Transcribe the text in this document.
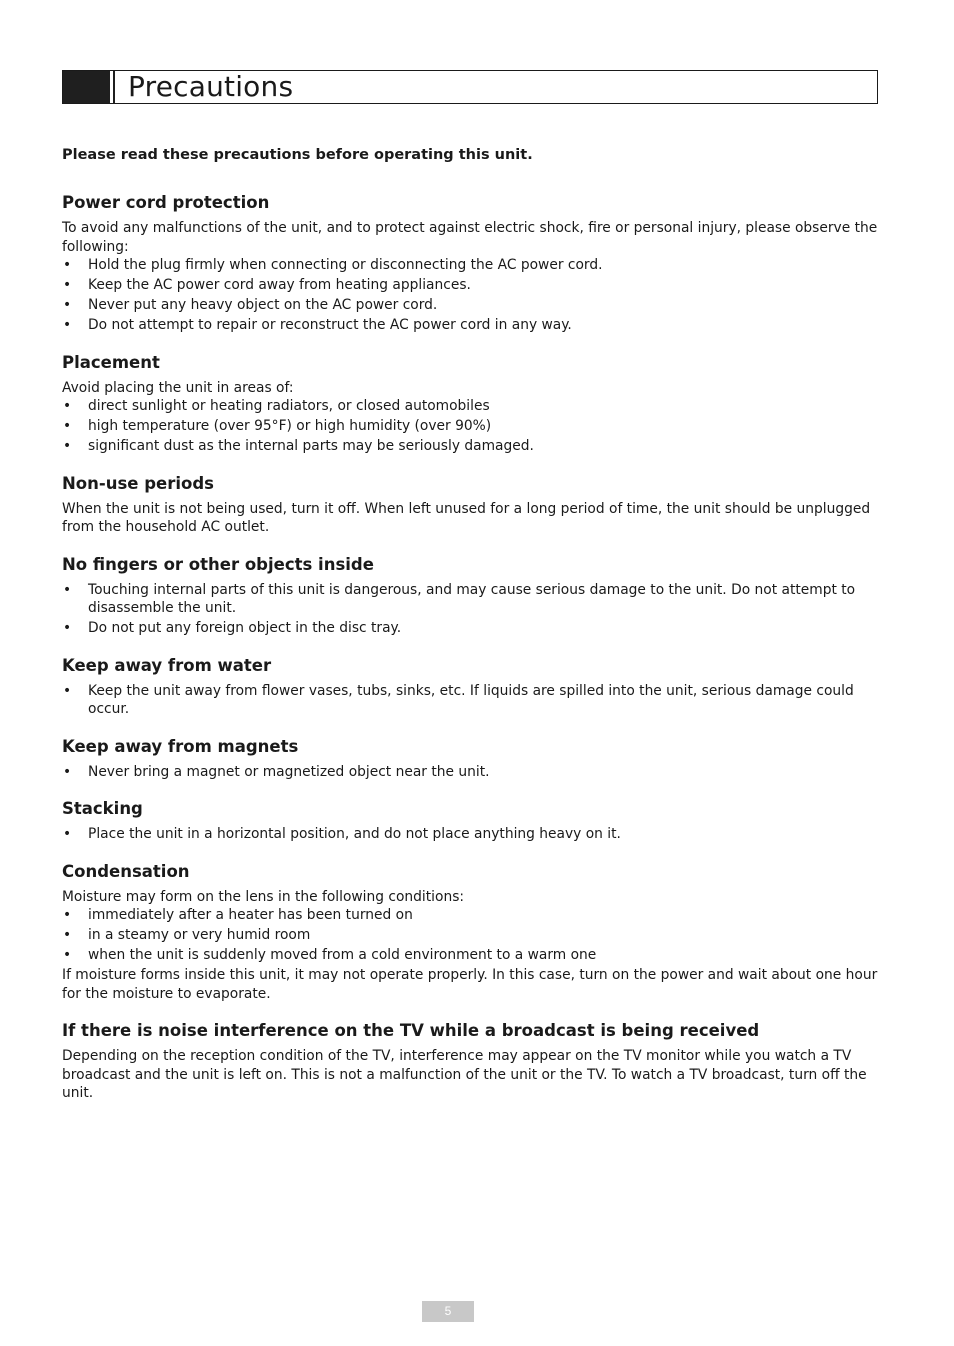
Precautions

Please read these precautions before operating this unit.

Power cord protection

To avoid any malfunctions of the unit, and to protect against electric shock, fire or personal injury, please observe the following:

• Hold the plug firmly when connecting or disconnecting the AC power cord.
• Keep the AC power cord away from heating appliances.
• Never put any heavy object on the AC power cord.
• Do not attempt to repair or reconstruct the AC power cord in any way.
Placement

Avoid placing the unit in areas of:

• direct sunlight or heating radiators, or closed automobiles
• high temperature (over 95°F) or high humidity (over 90%)
• significant dust as the internal parts may be seriously damaged.
Non-use periods

When the unit is not being used, turn it off. When left unused for a long period of time, the unit should be unplugged from the household AC outlet.

No fingers or other objects inside
• Touching internal parts of this unit is dangerous, and may cause serious damage to the unit. Do not attempt to disassemble the unit.
• Do not put any foreign object in the disc tray.
Keep away from water
• Keep the unit away from flower vases, tubs, sinks, etc. If liquids are spilled into the unit, serious damage could occur.
Keep away from magnets
• Never bring a magnet or magnetized object near the unit.
Stacking
• Place the unit in a horizontal position, and do not place anything heavy on it.
Condensation

Moisture may form on the lens in the following conditions:

• immediately after a heater has been turned on
• in a steamy or very humid room
• when the unit is suddenly moved from a cold environment to a warm one

If moisture forms inside this unit, it may not operate properly. In this case, turn on the power and wait about one hour for the moisture to evaporate.

If there is noise interference on the TV while a broadcast is being received

Depending on the reception condition of the TV, interference may appear on the TV monitor while you watch a TV broadcast and the unit is left on. This is not a malfunction of the unit or the TV. To watch a TV broadcast, turn off the unit.

5
